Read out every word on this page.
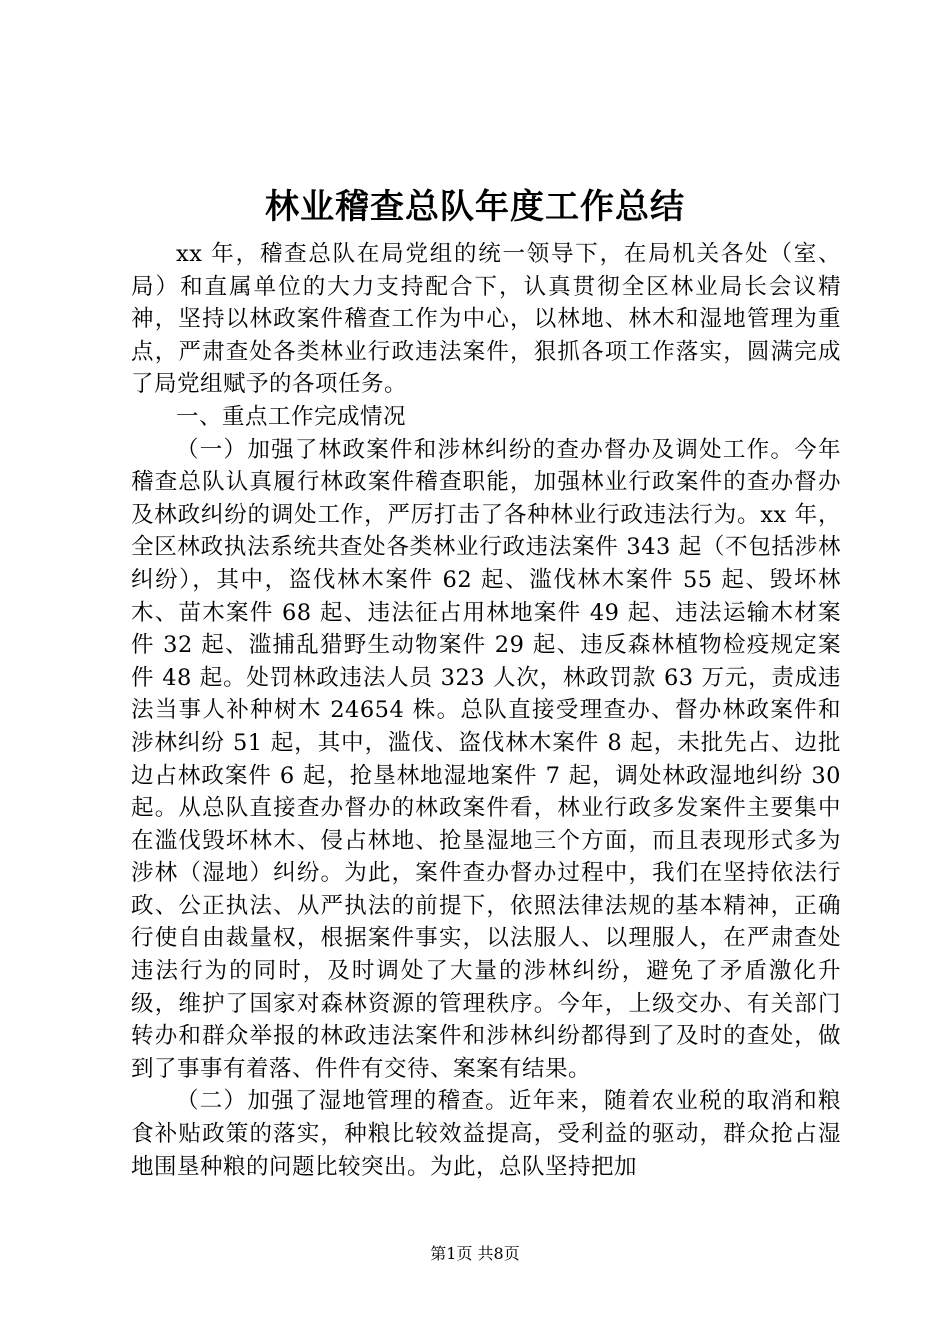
林业稽查总队年度工作总结

xx 年，稽查总队在局党组的统一领导下，在局机关各处（室、局）和直属单位的大力支持配合下，认真贯彻全区林业局长会议精神，坚持以林政案件稽查工作为中心，以林地、林木和湿地管理为重点，严肃查处各类林业行政违法案件，狠抓各项工作落实，圆满完成了局党组赋予的各项任务。

一、重点工作完成情况

（一）加强了林政案件和涉林纠纷的查办督办及调处工作。今年稽查总队认真履行林政案件稽查职能，加强林业行政案件的查办督办及林政纠纷的调处工作，严厉打击了各种林业行政违法行为。xx 年，全区林政执法系统共查处各类林业行政违法案件 343 起（不包括涉林纠纷），其中，盗伐林木案件 62 起、滥伐林木案件 55 起、毁坏林木、苗木案件 68 起、违法征占用林地案件 49 起、违法运输木材案件 32 起、滥捕乱猎野生动物案件 29 起、违反森林植物检疫规定案件 48 起。处罚林政违法人员 323 人次，林政罚款 63 万元，责成违法当事人补种树木 24654 株。总队直接受理查办、督办林政案件和涉林纠纷 51 起，其中，滥伐、盗伐林木案件 8 起，未批先占、边批边占林政案件 6 起，抢垦林地湿地案件 7 起，调处林政湿地纠纷 30 起。从总队直接查办督办的林政案件看，林业行政多发案件主要集中在滥伐毁坏林木、侵占林地、抢垦湿地三个方面，而且表现形式多为涉林（湿地）纠纷。为此，案件查办督办过程中，我们在坚持依法行政、公正执法、从严执法的前提下，依照法律法规的基本精神，正确行使自由裁量权，根据案件事实，以法服人、以理服人，在严肃查处违法行为的同时，及时调处了大量的涉林纠纷，避免了矛盾激化升级，维护了国家对森林资源的管理秩序。今年，上级交办、有关部门转办和群众举报的林政违法案件和涉林纠纷都得到了及时的查处，做到了事事有着落、件件有交待、案案有结果。

（二）加强了湿地管理的稽查。近年来，随着农业税的取消和粮食补贴政策的落实，种粮比较效益提高，受利益的驱动，群众抢占湿地围垦种粮的问题比较突出。为此，总队坚持把加

第1页 共8页
